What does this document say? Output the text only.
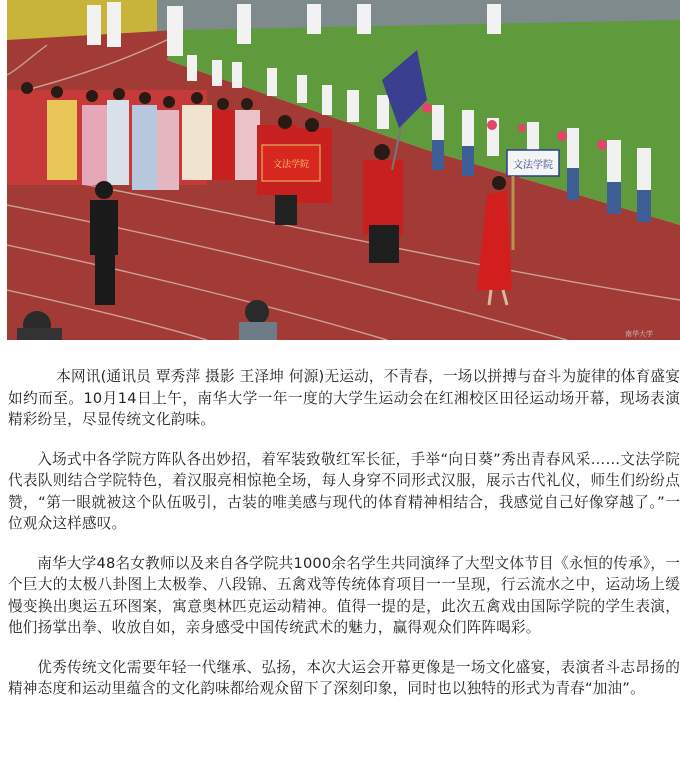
文法学院	文法学院
南华大学

本网讯(通讯员 覃秀萍 摄影 王泽坤 何源)无运动，不青春，一场以拼搏与奋斗为旋律的体育盛宴如约而至。10月14日上午，南华大学一年一度的大学生运动会在红湘校区田径运动场开幕，现场表演精彩纷呈，尽显传统文化韵味。

入场式中各学院方阵队各出妙招，着军装致敬红军长征，手举“向日葵”秀出青春风采……文法学院代表队则结合学院特色，着汉服亮相惊艳全场，每人身穿不同形式汉服，展示古代礼仪，师生们纷纷点赞，“第一眼就被这个队伍吸引，古装的唯美感与现代的体育精神相结合，我感觉自己好像穿越了。”一位观众这样感叹。

南华大学48名女教师以及来自各学院共1000余名学生共同演绎了大型文体节目《永恒的传承》，一个巨大的太极八卦图上太极拳、八段锦、五禽戏等传统体育项目一一呈现，行云流水之中，运动场上缓慢变换出奥运五环图案，寓意奥林匹克运动精神。值得一提的是，此次五禽戏由国际学院的学生表演，他们扬掌出拳、收放自如，亲身感受中国传统武术的魅力，赢得观众们阵阵喝彩。

优秀传统文化需要年轻一代继承、弘扬，本次大运会开幕更像是一场文化盛宴，表演者斗志昂扬的精神态度和运动里蕴含的文化韵味都给观众留下了深刻印象，同时也以独特的形式为青春“加油”。
